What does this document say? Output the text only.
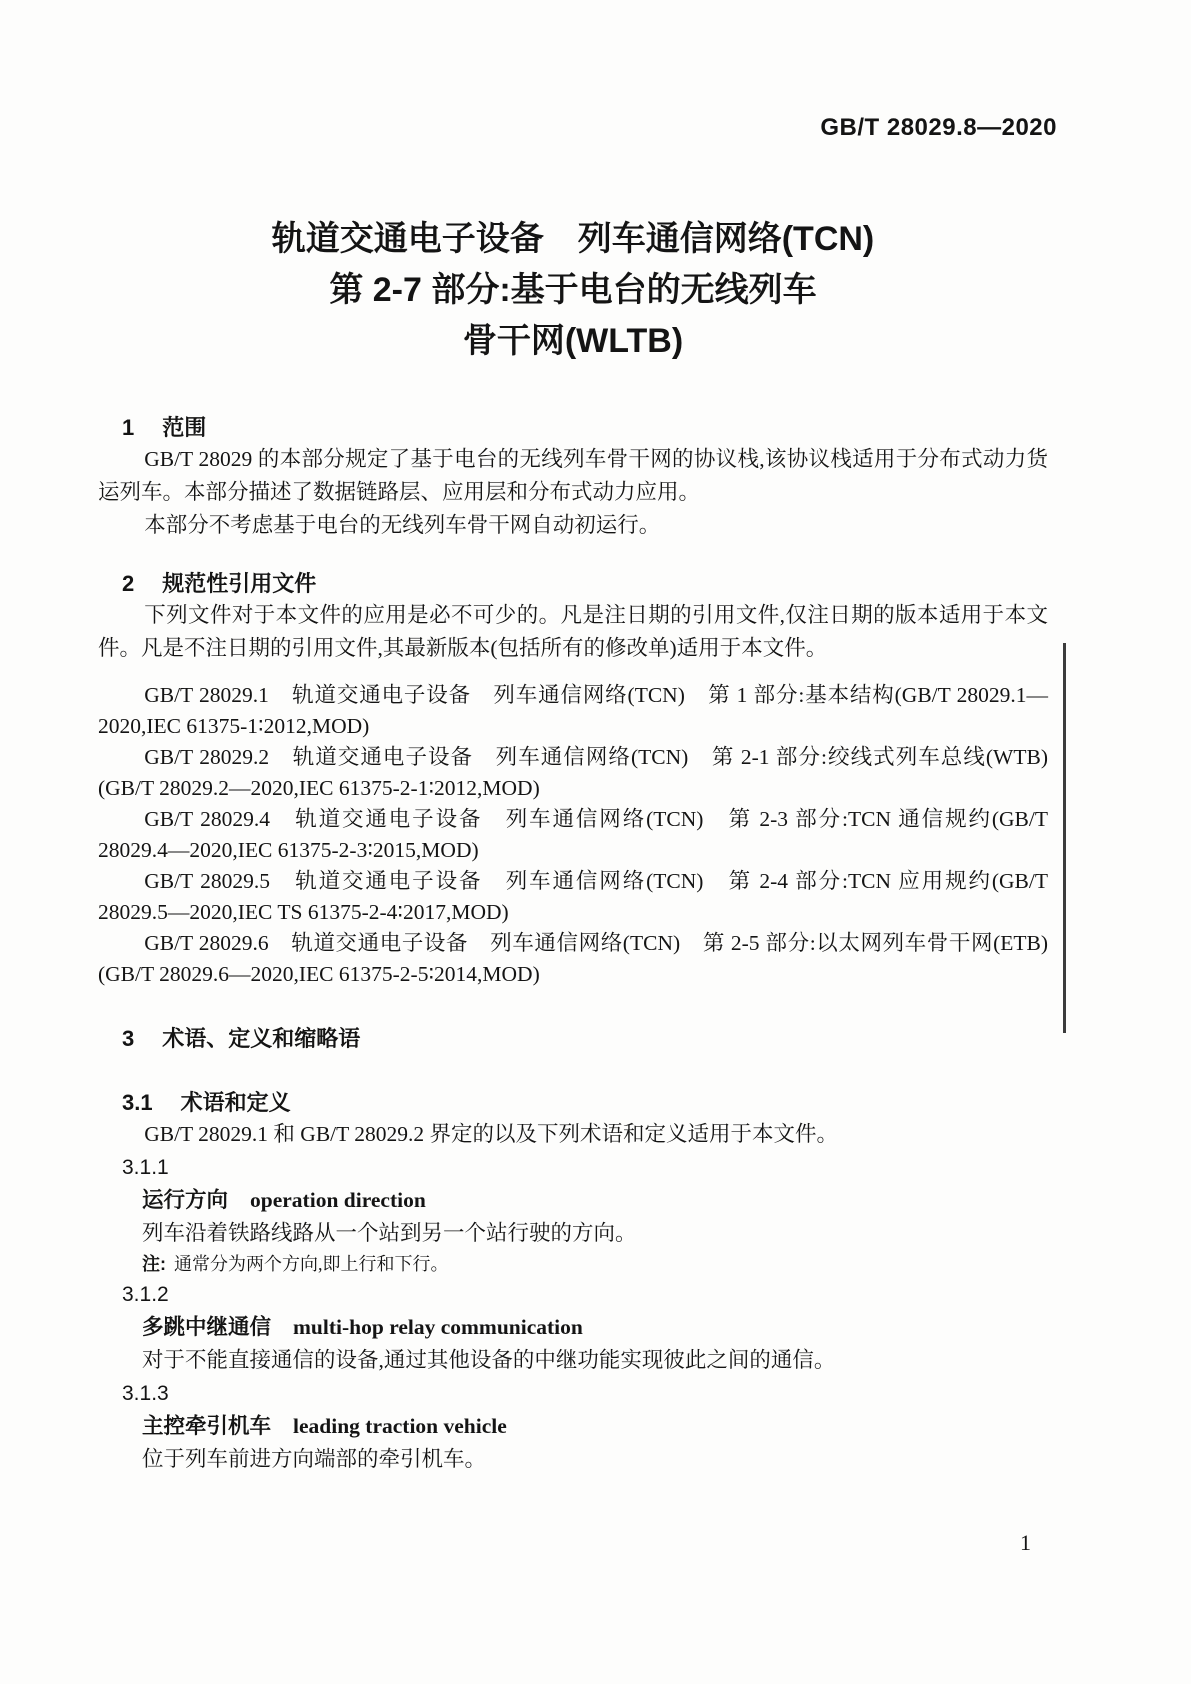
GB/T 28029.8—2020
轨道交通电子设备　列车通信网络(TCN)
第 2-7 部分:基于电台的无线列车
骨干网(WLTB)
1 范围

GB/T 28029 的本部分规定了基于电台的无线列车骨干网的协议栈,该协议栈适用于分布式动力货运列车。本部分描述了数据链路层、应用层和分布式动力应用。

本部分不考虑基于电台的无线列车骨干网自动初运行。

2 规范性引用文件

下列文件对于本文件的应用是必不可少的。凡是注日期的引用文件,仅注日期的版本适用于本文件。凡是不注日期的引用文件,其最新版本(包括所有的修改单)适用于本文件。

GB/T 28029.1　轨道交通电子设备　列车通信网络(TCN)　第 1 部分:基本结构(GB/T 28029.1—2020,IEC 61375-1∶2012,MOD)

GB/T 28029.2　轨道交通电子设备　列车通信网络(TCN)　第 2-1 部分:绞线式列车总线(WTB)(GB/T 28029.2—2020,IEC 61375-2-1∶2012,MOD)

GB/T 28029.4　轨道交通电子设备　列车通信网络(TCN)　第 2-3 部分:TCN 通信规约(GB/T 28029.4—2020,IEC 61375-2-3∶2015,MOD)

GB/T 28029.5　轨道交通电子设备　列车通信网络(TCN)　第 2-4 部分:TCN 应用规约(GB/T 28029.5—2020,IEC TS 61375-2-4∶2017,MOD)

GB/T 28029.6　轨道交通电子设备　列车通信网络(TCN)　第 2-5 部分:以太网列车骨干网(ETB)(GB/T 28029.6—2020,IEC 61375-2-5∶2014,MOD)

3 术语、定义和缩略语
3.1 术语和定义

GB/T 28029.1 和 GB/T 28029.2 界定的以及下列术语和定义适用于本文件。

3.1.1
运行方向 operation direction

列车沿着铁路线路从一个站到另一个站行驶的方向。

注: 通常分为两个方向,即上行和下行。
3.1.2
多跳中继通信 multi-hop relay communication

对于不能直接通信的设备,通过其他设备的中继功能实现彼此之间的通信。

3.1.3
主控牵引机车 leading traction vehicle

位于列车前进方向端部的牵引机车。

1
